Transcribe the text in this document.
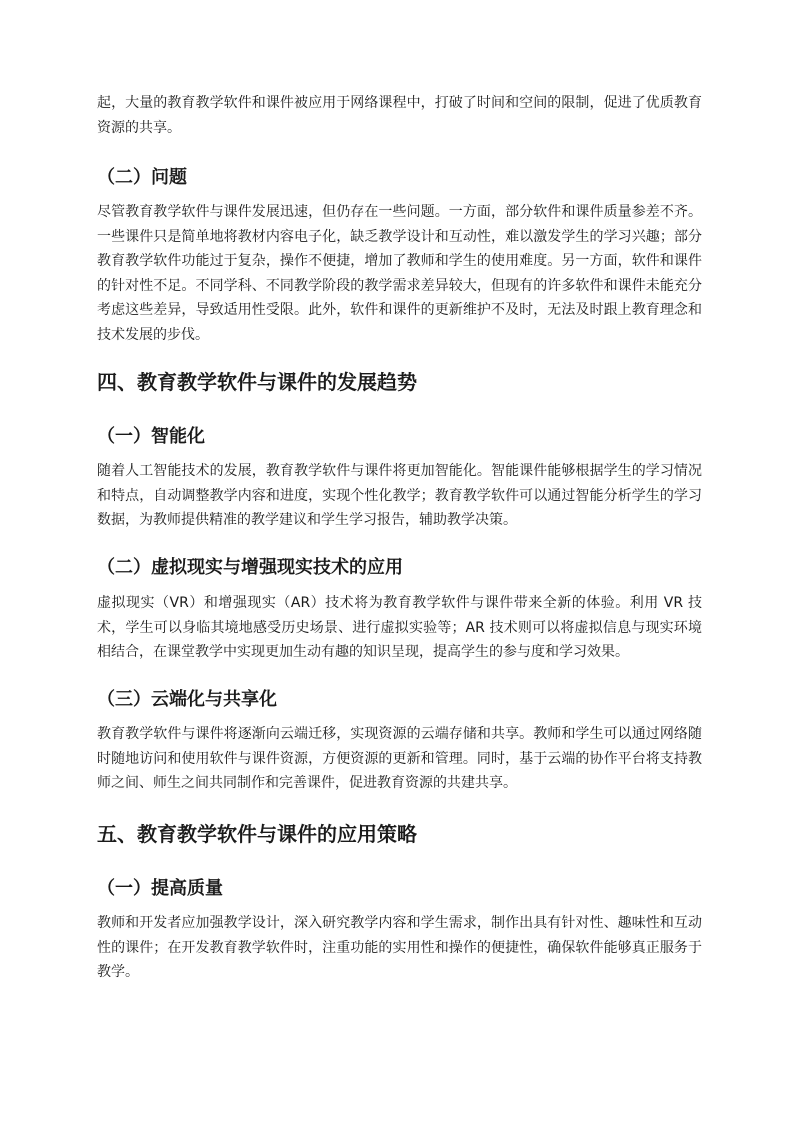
起，大量的教育教学软件和课件被应用于网络课程中，打破了时间和空间的限制，促进了优质教育资源的共享。

（二）问题

尽管教育教学软件与课件发展迅速，但仍存在一些问题。一方面，部分软件和课件质量参差不齐。一些课件只是简单地将教材内容电子化，缺乏教学设计和互动性，难以激发学生的学习兴趣；部分教育教学软件功能过于复杂，操作不便捷，增加了教师和学生的使用难度。另一方面，软件和课件的针对性不足。不同学科、不同教学阶段的教学需求差异较大，但现有的许多软件和课件未能充分考虑这些差异，导致适用性受限。此外，软件和课件的更新维护不及时，无法及时跟上教育理念和技术发展的步伐。

四、教育教学软件与课件的发展趋势
（一）智能化

随着人工智能技术的发展，教育教学软件与课件将更加智能化。智能课件能够根据学生的学习情况和特点，自动调整教学内容和进度，实现个性化教学；教育教学软件可以通过智能分析学生的学习数据，为教师提供精准的教学建议和学生学习报告，辅助教学决策。

（二）虚拟现实与增强现实技术的应用

虚拟现实（VR）和增强现实（AR）技术将为教育教学软件与课件带来全新的体验。利用 VR 技术，学生可以身临其境地感受历史场景、进行虚拟实验等；AR 技术则可以将虚拟信息与现实环境相结合，在课堂教学中实现更加生动有趣的知识呈现，提高学生的参与度和学习效果。

（三）云端化与共享化

教育教学软件与课件将逐渐向云端迁移，实现资源的云端存储和共享。教师和学生可以通过网络随时随地访问和使用软件与课件资源，方便资源的更新和管理。同时，基于云端的协作平台将支持教师之间、师生之间共同制作和完善课件，促进教育资源的共建共享。

五、教育教学软件与课件的应用策略
（一）提高质量

教师和开发者应加强教学设计，深入研究教学内容和学生需求，制作出具有针对性、趣味性和互动性的课件；在开发教育教学软件时，注重功能的实用性和操作的便捷性，确保软件能够真正服务于教学。
